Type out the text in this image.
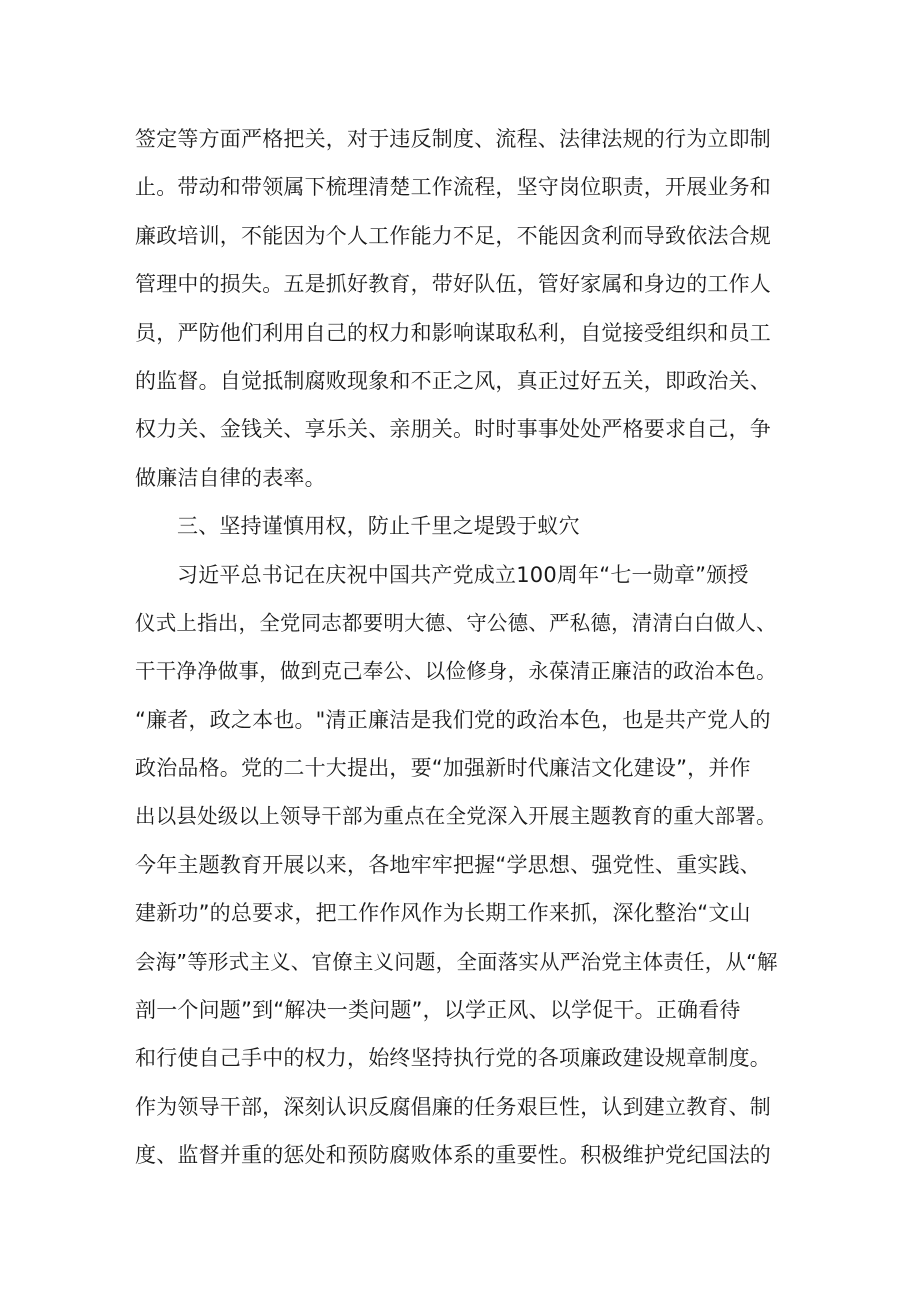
签定等方面严格把关，对于违反制度、流程、法律法规的行为立即制
止。带动和带领属下梳理清楚工作流程，坚守岗位职责，开展业务和
廉政培训，不能因为个人工作能力不足，不能因贪利而导致依法合规
管理中的损失。五是抓好教育，带好队伍，管好家属和身边的工作人
员，严防他们利用自己的权力和影响谋取私利，自觉接受组织和员工
的监督。自觉抵制腐败现象和不正之风，真正过好五关，即政治关、
权力关、金钱关、享乐关、亲朋关。时时事事处处严格要求自己，争
做廉洁自律的表率。
三、坚持谨慎用权，防止千里之堤毁于蚁穴
习近平总书记在庆祝中国共产党成立100周年“七一勋章”颁授
仪式上指出，全党同志都要明大德、守公德、严私德，清清白白做人、
干干净净做事，做到克己奉公、以俭修身，永葆清正廉洁的政治本色。
“廉者，政之本也。"清正廉洁是我们党的政治本色，也是共产党人的
政治品格。党的二十大提出，要“加强新时代廉洁文化建设”，并作
出以县处级以上领导干部为重点在全党深入开展主题教育的重大部署。
今年主题教育开展以来，各地牢牢把握“学思想、强党性、重实践、
建新功”的总要求，把工作作风作为长期工作来抓，深化整治“文山
会海”等形式主义、官僚主义问题，全面落实从严治党主体责任，从“解
剖一个问题”到“解决一类问题”，以学正风、以学促干。正确看待
和行使自己手中的权力，始终坚持执行党的各项廉政建设规章制度。
作为领导干部，深刻认识反腐倡廉的任务艰巨性，认到建立教育、制
度、监督并重的惩处和预防腐败体系的重要性。积极维护党纪国法的
